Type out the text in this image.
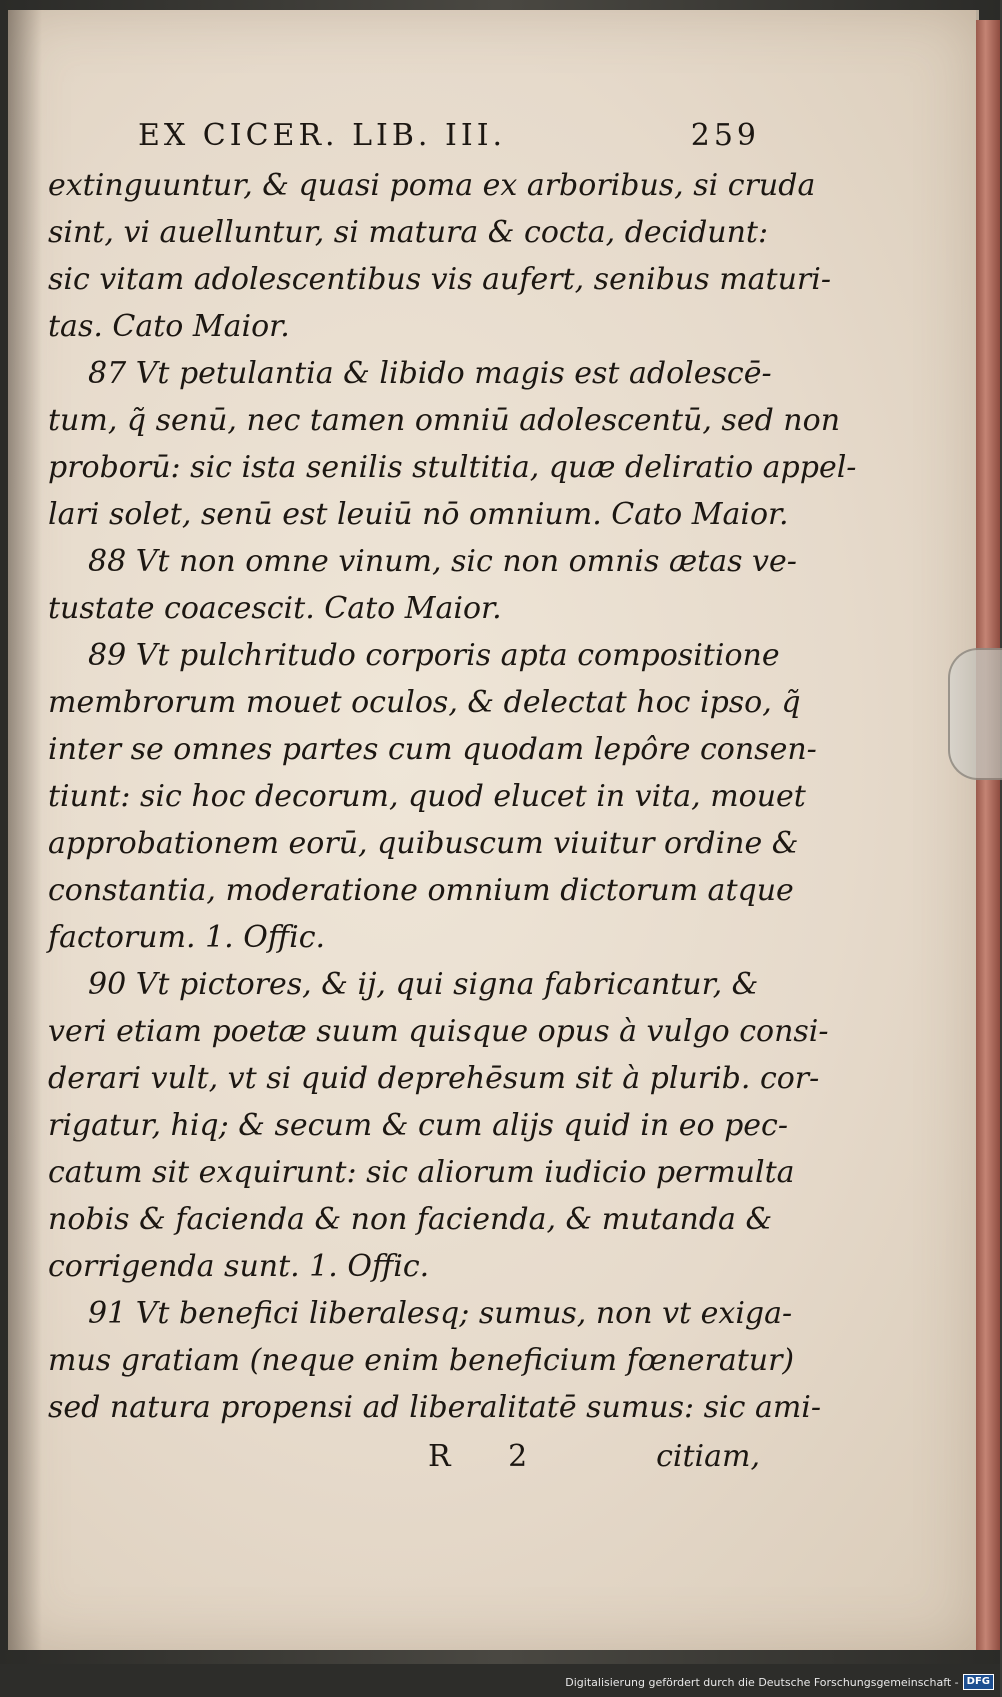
EX CICER. LIB. III.	259
extinguuntur, & quasi poma ex arboribus, si cruda
sint, vi auelluntur, si matura & cocta, decidunt:
sic vitam adolescentibus vis aufert, senibus maturi-
tas. Cato Maior.
87 Vt petulantia & libido magis est adolescē-
tum, q̃ senū, nec tamen omniū adolescentū, sed non
proborū: sic ista senilis stultitia, quæ deliratio appel-
lari solet, senū est leuiū nō omnium. Cato Maior.
88 Vt non omne vinum, sic non omnis ætas ve-
tustate coacescit. Cato Maior.
89 Vt pulchritudo corporis apta compositione
membrorum mouet oculos, & delectat hoc ipso, q̃
inter se omnes partes cum quodam lepôre consen-
tiunt: sic hoc decorum, quod elucet in vita, mouet
approbationem eorū, quibuscum viuitur ordine &
constantia, moderatione omnium dictorum atque
factorum. 1. Offic.
90 Vt pictores, & ij, qui signa fabricantur, &
veri etiam poetæ suum quisque opus à vulgo consi-
derari vult, vt si quid deprehēsum sit à plurib. cor-
rigatur, hiq; & secum & cum alijs quid in eo pec-
catum sit exquirunt: sic aliorum iudicio permulta
nobis & facienda & non facienda, & mutanda &
corrigenda sunt. 1. Offic.
91 Vt benefici liberalesq; sumus, non vt exiga-
mus gratiam (neque enim beneficium fœneratur)
sed natura propensi ad liberalitatē sumus: sic ami-
R 2	citiam,
Digitalisierung gefördert durch die Deutsche Forschungsgemeinschaft - DFG
